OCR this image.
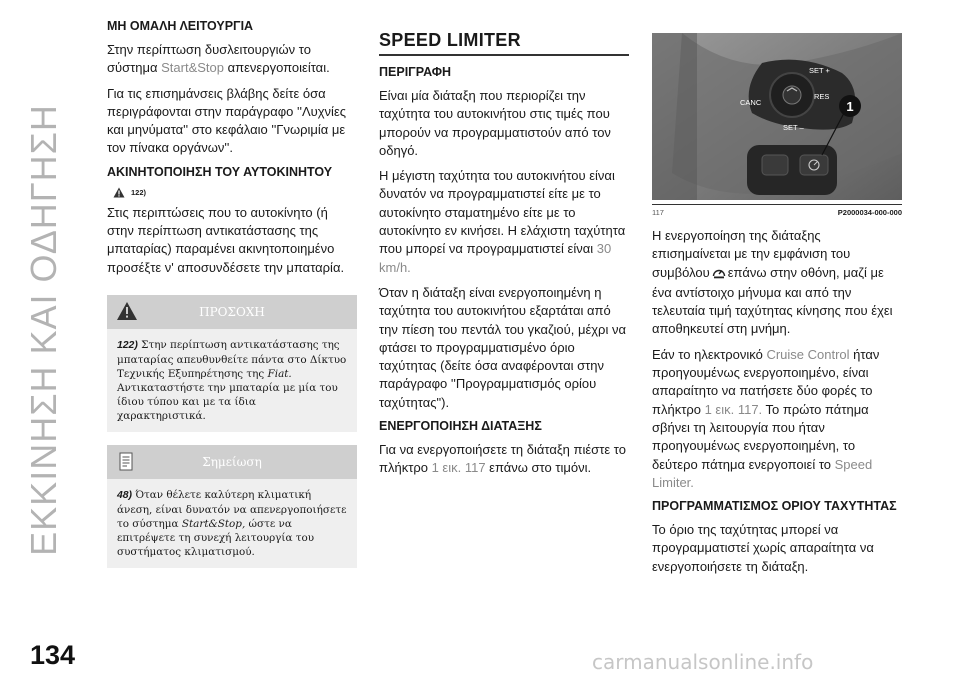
ΕΚΚΙΝΗΣΗ ΚΑΙ ΟΔΗΓΗΣΗ
134	carmanualsonline.info
ΜΗ ΟΜΑΛΗ ΛΕΙΤΟΥΡΓΙΑ

Στην περίπτωση δυσλειτουργιών το σύστημα Start&Stop απενεργοποιείται.

Για τις επισημάνσεις βλάβης δείτε όσα περιγράφονται στην παράγραφο ''Λυχνίες και μηνύματα'' στο κεφάλαιο ''Γνωριμία με τον πίνακα οργάνων''.

ΑΚΙΝΗΤΟΠΟΙΗΣΗ ΤΟΥ ΑΥΤΟΚΙΝΗΤΟΥ
122)

Στις περιπτώσεις που το αυτοκίνητο (ή στην περίπτωση αντικατάστασης της μπαταρίας) παραμένει ακινητοποιημένο προσέξτε ν' αποσυνδέσετε την μπαταρία.

ΠΡΟΣΟΧΗ
122) Στην περίπτωση αντικατάστασης της μπαταρίας απευθυνθείτε πάντα στο Δίκτυο Τεχνικής Εξυπηρέτησης της Fiat. Αντικαταστήστε την μπαταρία με μία του ίδιου τύπου και με τα ίδια χαρακτηριστικά.
Σημείωση
48) Όταν θέλετε καλύτερη κλιματική άνεση, είναι δυνατόν να απενεργοποιήσετε το σύστημα Start&Stop, ώστε να επιτρέψετε τη συνεχή λειτουργία του συστήματος κλιματισμού.
SPEED LIMITER
ΠΕΡΙΓΡΑΦΗ

Είναι μία διάταξη που περιορίζει την ταχύτητα του αυτοκινήτου στις τιμές που μπορούν να προγραμματιστούν από τον οδηγό.

Η μέγιστη ταχύτητα του αυτοκινήτου είναι δυνατόν να προγραμματιστεί είτε με το αυτοκίνητο σταματημένο είτε με το αυτοκίνητο εν κινήσει. Η ελάχιστη ταχύτητα που μπορεί να προγραμματιστεί είναι 30 km/h.

Όταν η διάταξη είναι ενεργοποιημένη η ταχύτητα του αυτοκινήτου εξαρτάται από την πίεση του πεντάλ του γκαζιού, μέχρι να φτάσει το προγραμματισμένο όριο ταχύτητας (δείτε όσα αναφέρονται στην παράγραφο ''Προγραμματισμός ορίου ταχύτητας").

ΕΝΕΡΓΟΠΟΙΗΣΗ ΔΙΑΤΑΞΗΣ

Για να ενεργοποιήσετε τη διάταξη πιέστε το πλήκτρο 1 εικ. 117 επάνω στο τιμόνι.

SET +
CANC
RES
SET –
1
117	P2000034-000-000

Η ενεργοποίηση της διάταξης επισημαίνεται με την εμφάνιση του συμβόλου επάνω στην οθόνη, μαζί με ένα αντίστοιχο μήνυμα και από την τελευταία τιμή ταχύτητας κίνησης που έχει αποθηκευτεί στη μνήμη.

Εάν το ηλεκτρονικό Cruise Control ήταν προηγουμένως ενεργοποιημένο, είναι απαραίτητο να πατήσετε δύο φορές το πλήκτρο 1 εικ. 117. Το πρώτο πάτημα σβήνει τη λειτουργία που ήταν προηγουμένως ενεργοποιημένη, το δεύτερο πάτημα ενεργοποιεί το Speed Limiter.

ΠΡΟΓΡΑΜΜΑΤΙΣΜΟΣ ΟΡΙΟΥ ΤΑΧΥΤΗΤΑΣ

Το όριο της ταχύτητας μπορεί να προγραμματιστεί χωρίς απαραίτητα να ενεργοποιήσετε τη διάταξη.
